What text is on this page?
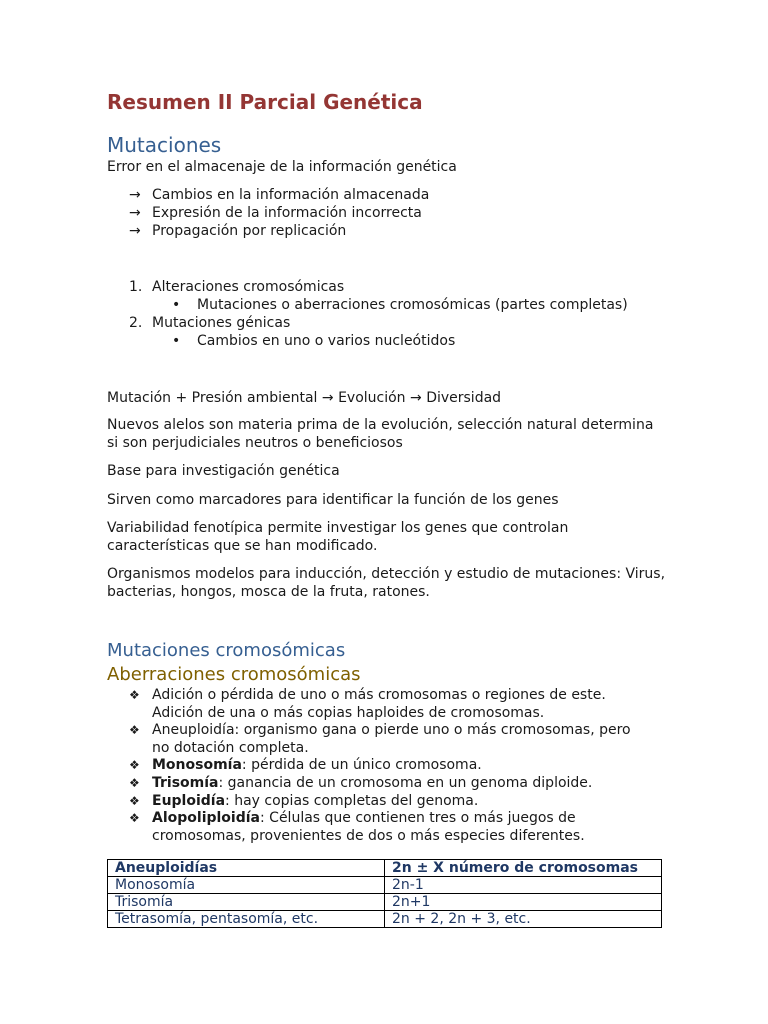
Resumen II Parcial Genética
Mutaciones
Error en el almacenaje de la información genética
→ Cambios en la información almacenada
→ Expresión de la información incorrecta
→ Propagación por replicación
1. Alteraciones cromosómicas
•	Mutaciones o aberraciones cromosómicas (partes completas)
2. Mutaciones génicas
•	Cambios en uno o varios nucleótidos
Mutación + Presión ambiental → Evolución → Diversidad
Nuevos alelos son materia prima de la evolución, selección natural determina si son perjudiciales neutros o beneficiosos
Base para investigación genética
Sirven como marcadores para identificar la función de los genes
Variabilidad fenotípica permite investigar los genes que controlan características que se han modificado.
Organismos modelos para inducción, detección y estudio de mutaciones: Virus, bacterias, hongos, mosca de la fruta, ratones.
Mutaciones cromosómicas
Aberraciones cromosómicas
❖ Adición o pérdida de uno o más cromosomas o regiones de este. Adición de una o más copias haploides de cromosomas.
❖ Aneuploidía: organismo gana o pierde uno o más cromosomas, pero no dotación completa.
❖ Monosomía: pérdida de un único cromosoma.
❖ Trisomía: ganancia de un cromosoma en un genoma diploide.
❖ Euploidía: hay copias completas del genoma.
❖ Alopoliploidía: Células que contienen tres o más juegos de cromosomas, provenientes de dos o más especies diferentes.
Aneuploidías	2n ± X número de cromosomas
Monosomía	2n-1
Trisomía	2n+1
Tetrasomía, pentasomía, etc.	2n + 2, 2n + 3, etc.
